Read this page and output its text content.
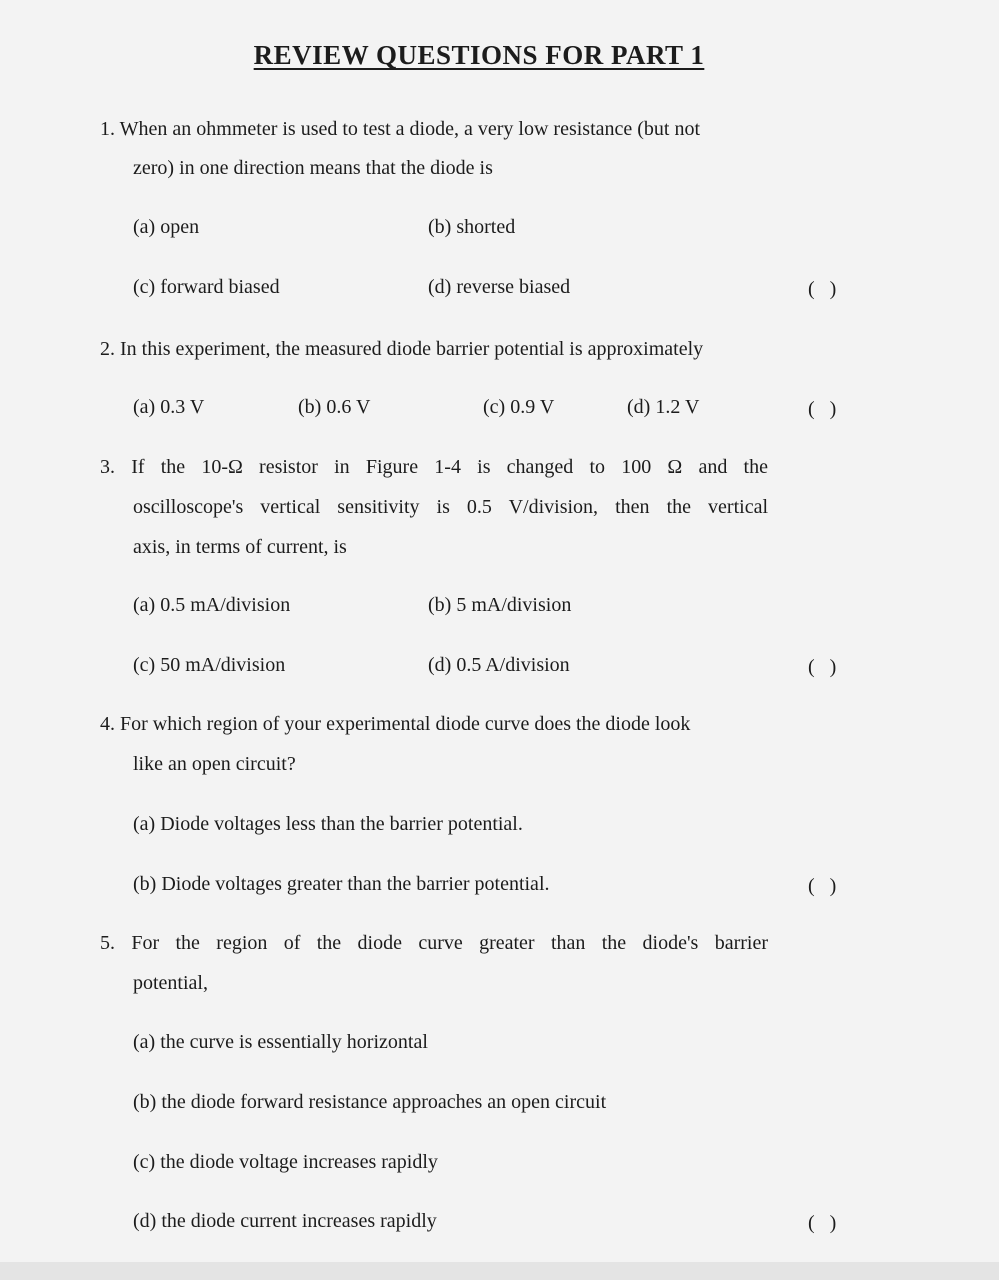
REVIEW QUESTIONS FOR PART 1
1. When an ohmmeter is used to test a diode, a very low resistance (but not
zero) in one direction means that the diode is
(a) open	(b) shorted
(c) forward biased	(d) reverse biased	(   )
2. In this experiment, the measured diode barrier potential is approximately
(a) 0.3 V	(b) 0.6 V	(c) 0.9 V	(d) 1.2 V	(   )
3. If the 10-Ω resistor in Figure 1-4 is changed to 100 Ω and the
oscilloscope's vertical sensitivity is 0.5 V/division, then the vertical
axis, in terms of current, is
(a) 0.5 mA/division	(b) 5 mA/division
(c) 50 mA/division	(d) 0.5 A/division	(   )
4. For which region of your experimental diode curve does the diode look
like an open circuit?
(a) Diode voltages less than the barrier potential.
(b) Diode voltages greater than the barrier potential.	(   )
5. For the region of the diode curve greater than the diode's barrier
potential,
(a) the curve is essentially horizontal
(b) the diode forward resistance approaches an open circuit
(c) the diode voltage increases rapidly
(d) the diode current increases rapidly	(   )
